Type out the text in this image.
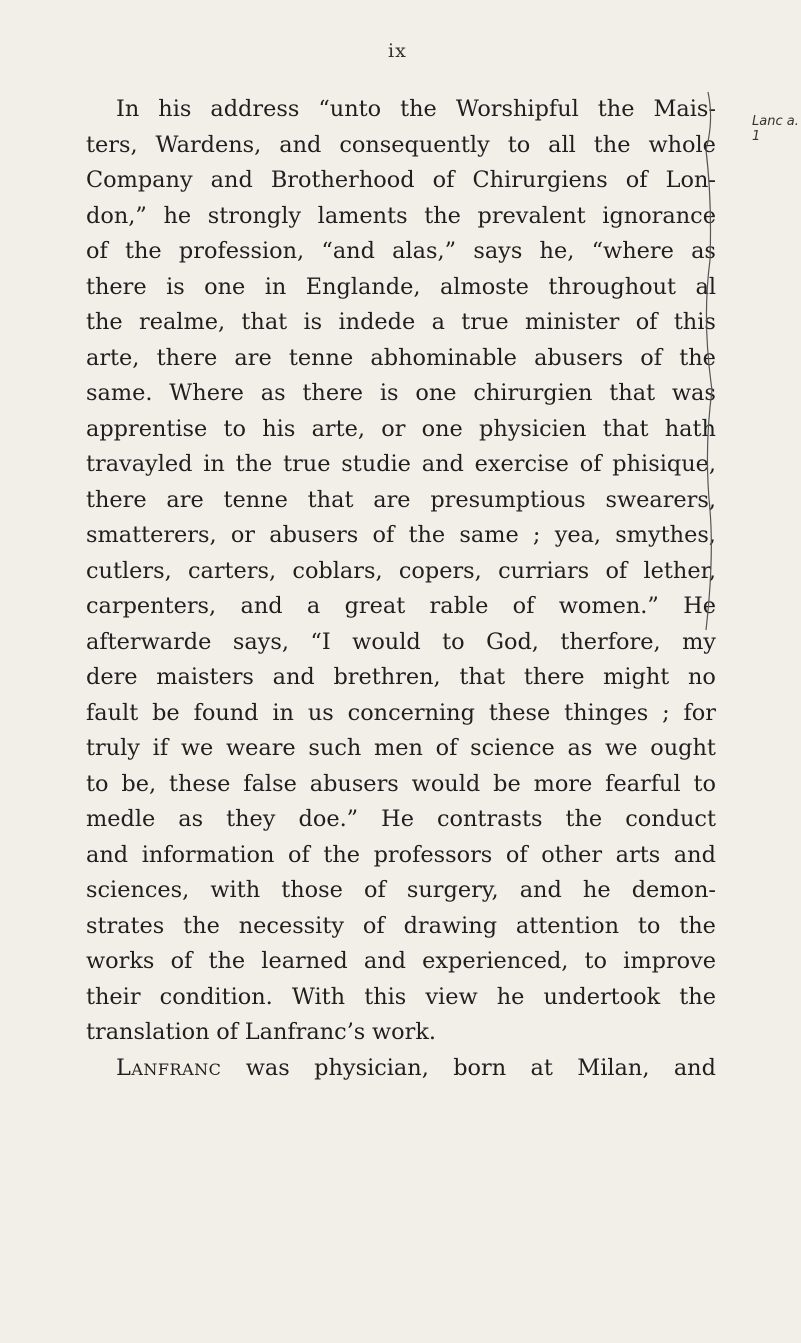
ix
In his address “unto the Worshipful the Mais-
ters, Wardens, and consequently to all the whole
Company and Brotherhood of Chirurgiens of Lon-
don,” he strongly laments the prevalent ignorance
of the profession, “and alas,” says he, “where as
there is one in Englande, almoste throughout al
the realme, that is indede a true minister of this
arte, there are tenne abhominable abusers of the
same. Where as there is one chirurgien that was
apprentise to his arte, or one physicien that hath
travayled in the true studie and exercise of phisique,
there are tenne that are presumptious swearers,
smatterers, or abusers of the same ; yea, smythes,
cutlers, carters, coblars, copers, curriars of lether,
carpenters, and a great rable of women.” He
afterwarde says, “I would to God, therfore, my
dere maisters and brethren, that there might no
fault be found in us concerning these thinges ; for
truly if we weare such men of science as we ought
to be, these false abusers would be more fearful to
medle as they doe.” He contrasts the conduct
and information of the professors of other arts and
sciences, with those of surgery, and he demon-
strates the necessity of drawing attention to the
works of the learned and experienced, to improve
their condition. With this view he undertook the
translation of Lanfranc’s work.
Lanfranc was physician, born at Milan, and
Lanc a. 1
